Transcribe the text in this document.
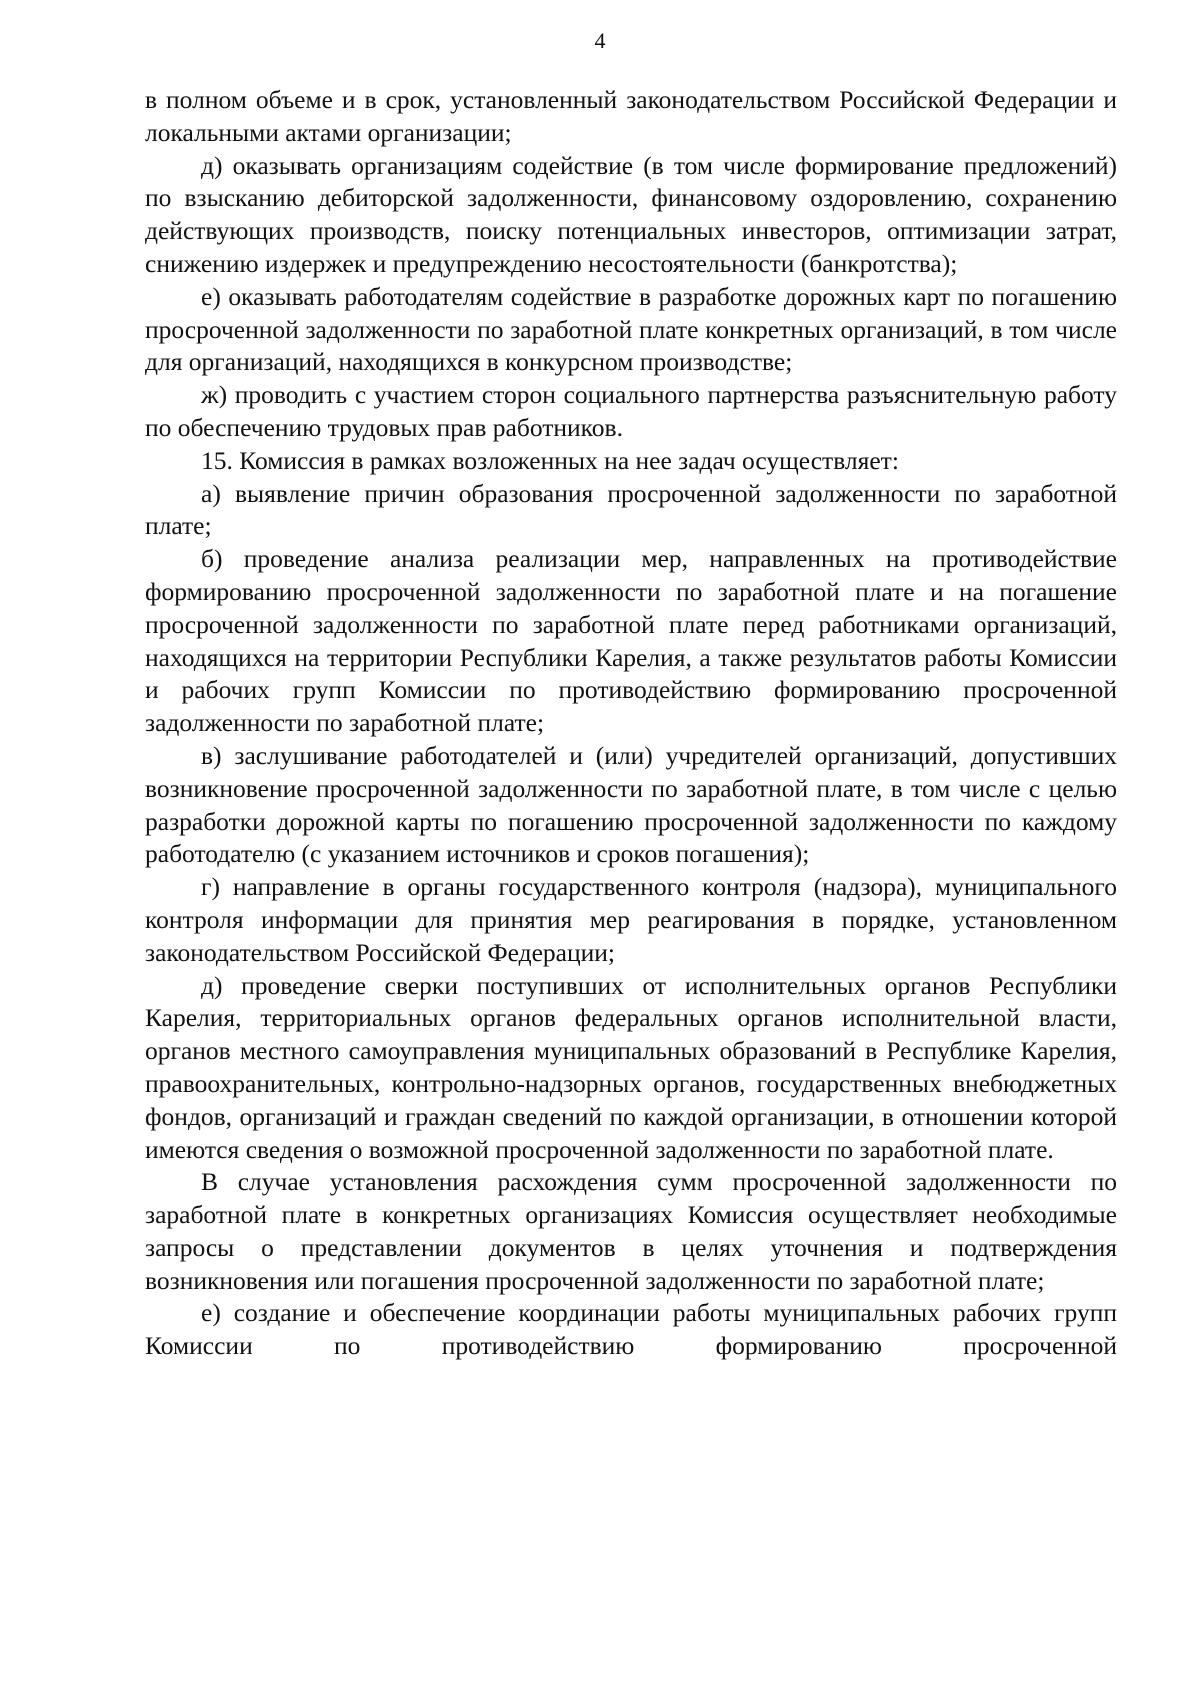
4

в полном объеме и в срок, установленный законодательством Российской Федерации и локальными актами организации;

д) оказывать организациям содействие (в том числе формирование предложений) по взысканию дебиторской задолженности, финансовому оздоровлению, сохранению действующих производств, поиску потенциальных инвесторов, оптимизации затрат, снижению издержек и предупреждению несостоятельности (банкротства);

е) оказывать работодателям содействие в разработке дорожных карт по погашению просроченной задолженности по заработной плате конкретных организаций, в том числе для организаций, находящихся в конкурсном производстве;

ж) проводить с участием сторон социального партнерства разъяснительную работу по обеспечению трудовых прав работников.

15. Комиссия в рамках возложенных на нее задач осуществляет:

а) выявление причин образования просроченной задолженности по заработной плате;

б) проведение анализа реализации мер, направленных на противодействие формированию просроченной задолженности по заработной плате и на погашение просроченной задолженности по заработной плате перед работниками организаций, находящихся на территории Республики Карелия, а также результатов работы Комиссии и рабочих групп Комиссии по противодействию формированию просроченной задолженности по заработной плате;

в) заслушивание работодателей и (или) учредителей организаций, допустивших возникновение просроченной задолженности по заработной плате, в том числе с целью разработки дорожной карты по погашению просроченной задолженности по каждому работодателю (с указанием источников и сроков погашения);

г) направление в органы государственного контроля (надзора), муниципального контроля информации для принятия мер реагирования в порядке, установленном законодательством Российской Федерации;

д) проведение сверки поступивших от исполнительных органов Республики Карелия, территориальных органов федеральных органов исполнительной власти, органов местного самоуправления муниципальных образований в Республике Карелия, правоохранительных, контрольно-надзорных органов, государственных внебюджетных фондов, организаций и граждан сведений по каждой организации, в отношении которой имеются сведения о возможной просроченной задолженности по заработной плате.

В случае установления расхождения сумм просроченной задолженности по заработной плате в конкретных организациях Комиссия осуществляет необходимые запросы о представлении документов в целях уточнения и подтверждения возникновения или погашения просроченной задолженности по заработной плате;

е) создание и обеспечение координации работы муниципальных рабочих групп Комиссии по противодействию формированию просроченной
